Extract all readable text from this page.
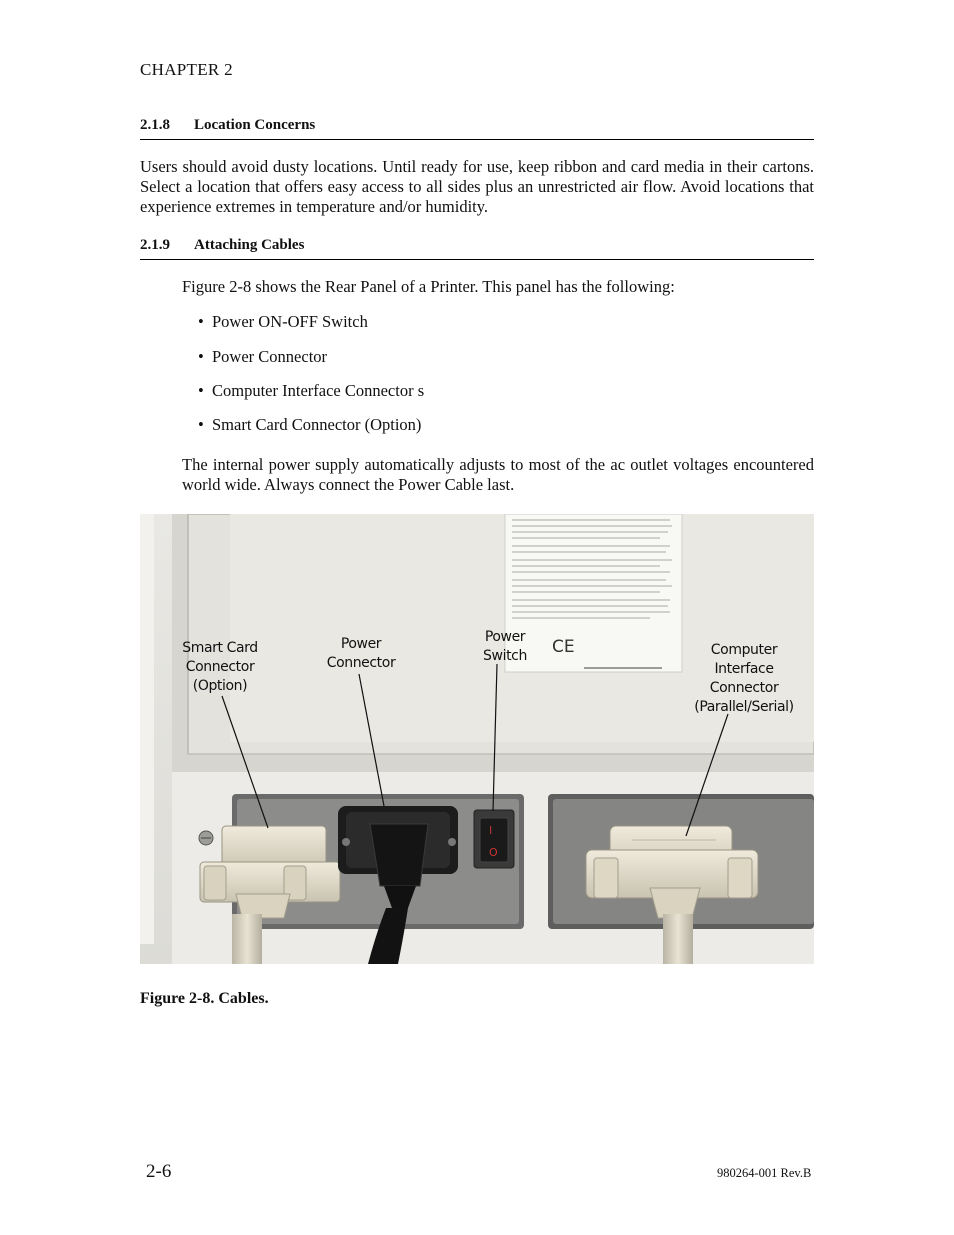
CHAPTER 2
2.1.8 Location Concerns
Users should avoid dusty locations. Until ready for use, keep ribbon and card media in their cartons. Select a location that offers easy access to all sides plus an unrestricted air flow. Avoid locations that experience extremes in temperature and/or humidity.
2.1.9 Attaching Cables
Figure 2-8 shows the Rear Panel of a Printer. This panel has the following:
• Power ON-OFF Switch
• Power Connector
• Computer Interface Connector s
• Smart Card Connector (Option)
The internal power supply automatically adjusts to most of the ac outlet voltages encountered world wide. Always connect the Power Cable last.
CE
I
O
Smart Card
Connector
(Option)
Power
Connector
Power
Switch	Computer
Interface
Connector
(Parallel/Serial)
Figure 2-8. Cables.
2-6	980264-001 Rev.B
